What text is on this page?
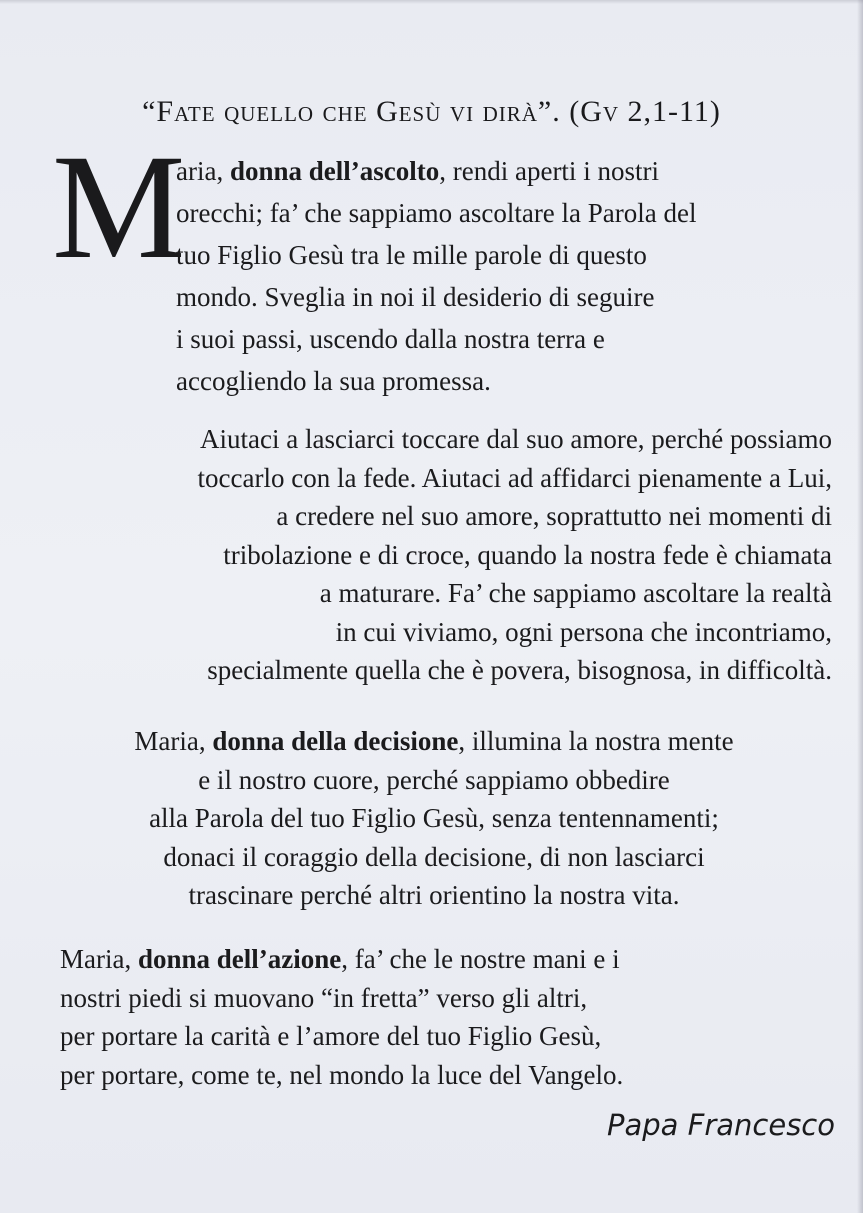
“Fate quello che Gesù vi dirà”. (Gv 2,1-11)
M
aria, donna dell’ascolto, rendi aperti i nostri
orecchi; fa’ che sappiamo ascoltare la Parola del
tuo Figlio Gesù tra le mille parole di questo
mondo. Sveglia in noi il desiderio di seguire
i suoi passi, uscendo dalla nostra terra e
accogliendo la sua promessa.
Aiutaci a lasciarci toccare dal suo amore, perché possiamo
toccarlo con la fede. Aiutaci ad affidarci pienamente a Lui,
a credere nel suo amore, soprattutto nei momenti di
tribolazione e di croce, quando la nostra fede è chiamata
a maturare. Fa’ che sappiamo ascoltare la realtà
in cui viviamo, ogni persona che incontriamo,
specialmente quella che è povera, bisognosa, in difficoltà.
Maria, donna della decisione, illumina la nostra mente
e il nostro cuore, perché sappiamo obbedire
alla Parola del tuo Figlio Gesù, senza tentennamenti;
donaci il coraggio della decisione, di non lasciarci
trascinare perché altri orientino la nostra vita.
Maria, donna dell’azione, fa’ che le nostre mani e i
nostri piedi si muovano “in fretta” verso gli altri,
per portare la carità e l’amore del tuo Figlio Gesù,
per portare, come te, nel mondo la luce del Vangelo.
Papa Francesco
